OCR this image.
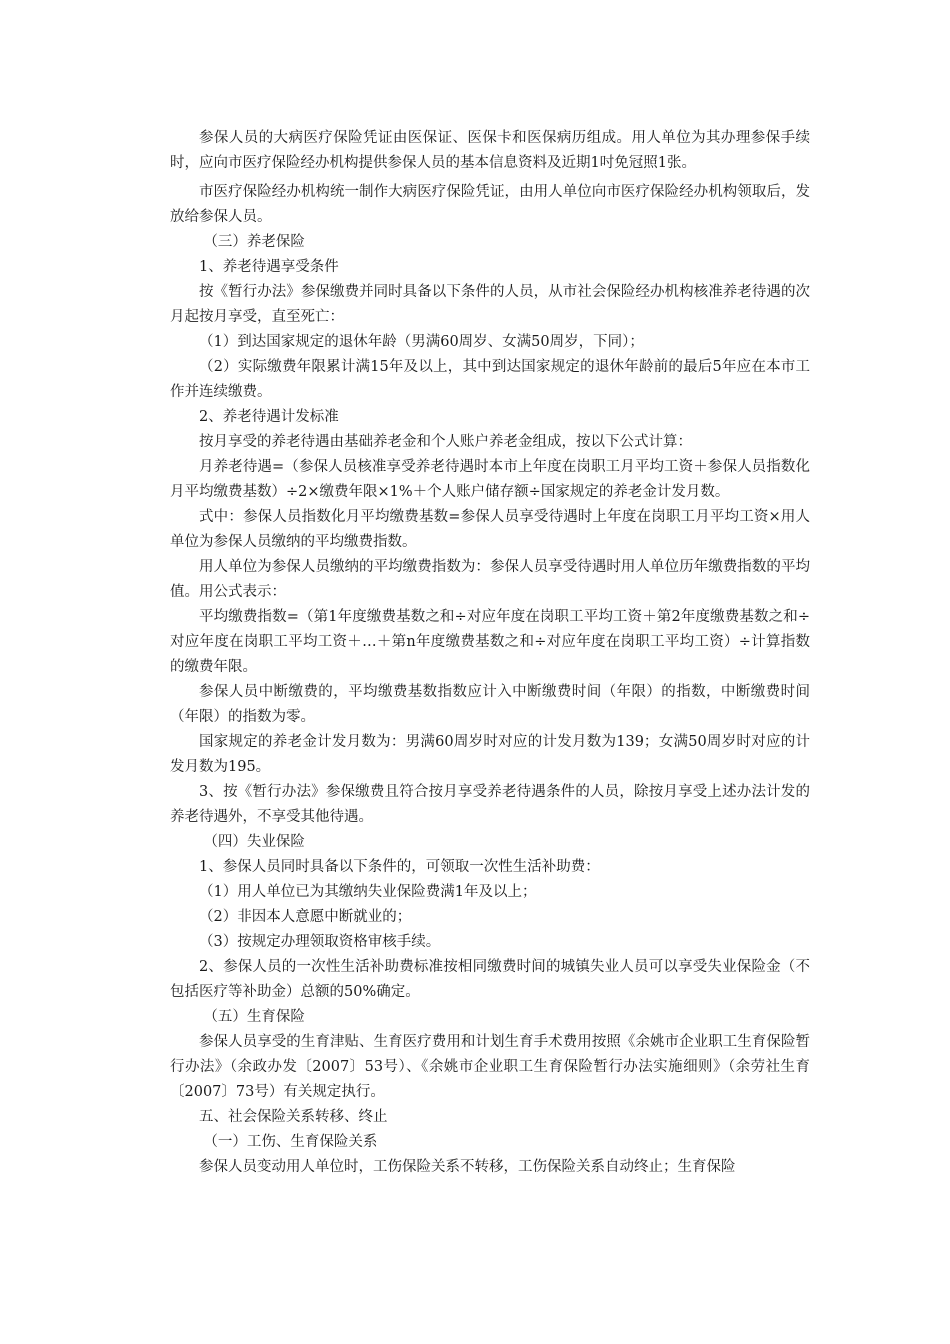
参保人员的大病医疗保险凭证由医保证、医保卡和医保病历组成。用人单位为其办理参保手续时，应向市医疗保险经办机构提供参保人员的基本信息资料及近期1吋免冠照1张。

市医疗保险经办机构统一制作大病医疗保险凭证，由用人单位向市医疗保险经办机构领取后，发放给参保人员。

（三）养老保险

1、养老待遇享受条件

按《暂行办法》参保缴费并同时具备以下条件的人员，从市社会保险经办机构核准养老待遇的次月起按月享受，直至死亡：

（1）到达国家规定的退休年龄（男满60周岁、女满50周岁，下同）；

（2）实际缴费年限累计满15年及以上，其中到达国家规定的退休年龄前的最后5年应在本市工作并连续缴费。

2、养老待遇计发标准

按月享受的养老待遇由基础养老金和个人账户养老金组成，按以下公式计算：

月养老待遇=（参保人员核准享受养老待遇时本市上年度在岗职工月平均工资＋参保人员指数化月平均缴费基数）÷2×缴费年限×1%＋个人账户储存额÷国家规定的养老金计发月数。

式中：参保人员指数化月平均缴费基数=参保人员享受待遇时上年度在岗职工月平均工资×用人单位为参保人员缴纳的平均缴费指数。

用人单位为参保人员缴纳的平均缴费指数为：参保人员享受待遇时用人单位历年缴费指数的平均值。用公式表示：

平均缴费指数=（第1年度缴费基数之和÷对应年度在岗职工平均工资＋第2年度缴费基数之和÷对应年度在岗职工平均工资＋…＋第n年度缴费基数之和÷对应年度在岗职工平均工资）÷计算指数的缴费年限。

参保人员中断缴费的，平均缴费基数指数应计入中断缴费时间（年限）的指数，中断缴费时间（年限）的指数为零。

国家规定的养老金计发月数为：男满60周岁时对应的计发月数为139；女满50周岁时对应的计发月数为195。

3、按《暂行办法》参保缴费且符合按月享受养老待遇条件的人员，除按月享受上述办法计发的养老待遇外，不享受其他待遇。

（四）失业保险

1、参保人员同时具备以下条件的，可领取一次性生活补助费：

（1）用人单位已为其缴纳失业保险费满1年及以上；

（2）非因本人意愿中断就业的；

（3）按规定办理领取资格审核手续。

2、参保人员的一次性生活补助费标准按相同缴费时间的城镇失业人员可以享受失业保险金（不包括医疗等补助金）总额的50%确定。

（五）生育保险

参保人员享受的生育津贴、生育医疗费用和计划生育手术费用按照《余姚市企业职工生育保险暂行办法》（余政办发〔2007〕53号）、《余姚市企业职工生育保险暂行办法实施细则》（余劳社生育〔2007〕73号）有关规定执行。

五、社会保险关系转移、终止

（一）工伤、生育保险关系

参保人员变动用人单位时，工伤保险关系不转移，工伤保险关系自动终止；生育保险
